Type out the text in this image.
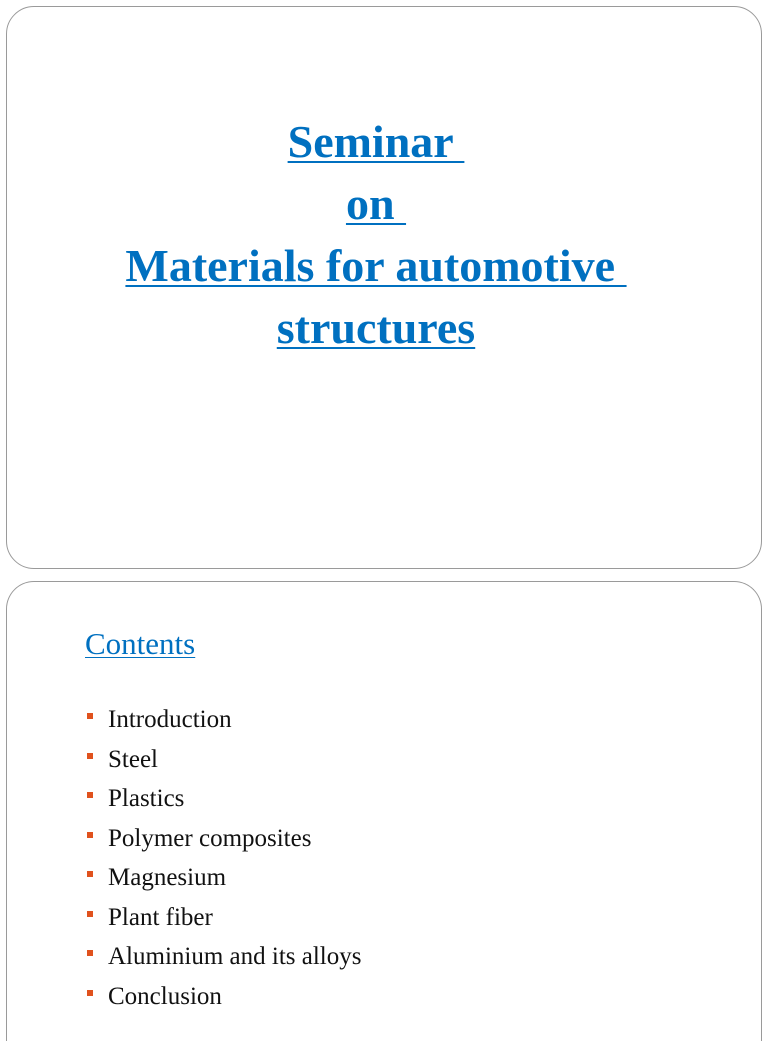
Seminar
on
Materials for automotive
structures
Contents
Introduction
Steel
Plastics
Polymer composites
Magnesium
Plant fiber
Aluminium and its alloys
Conclusion
